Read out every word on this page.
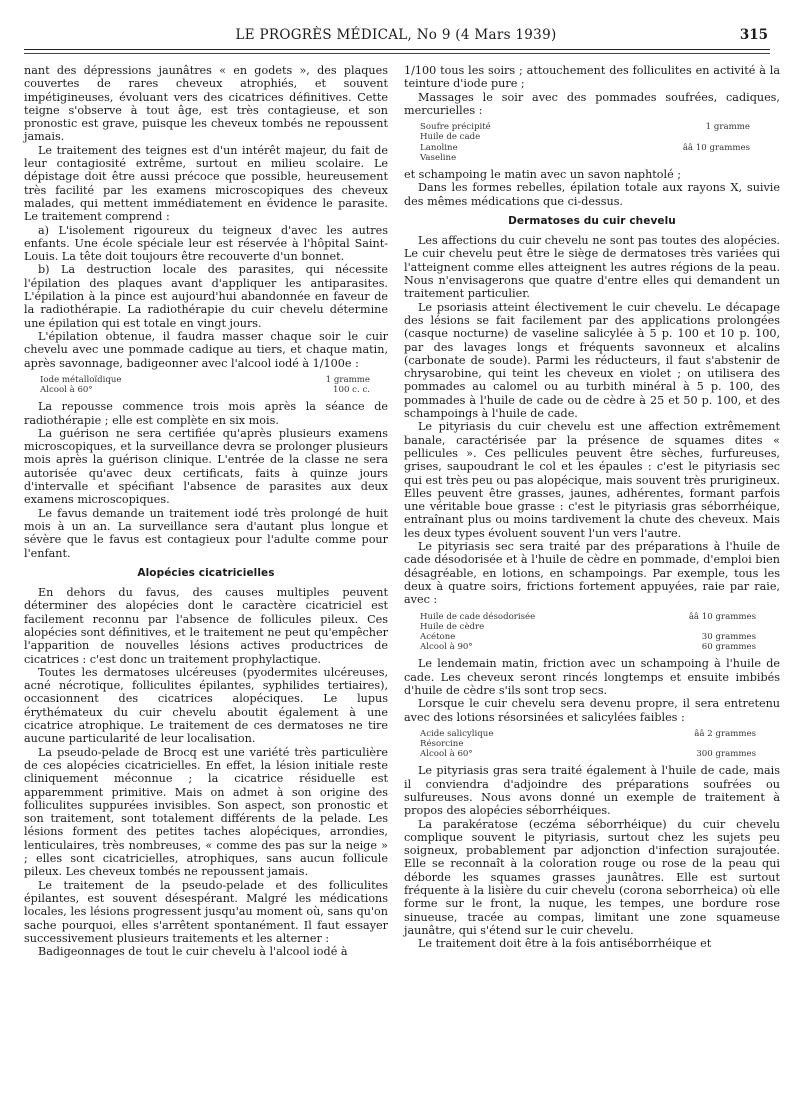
LE PROGRÈS MÉDICAL, No 9 (4 Mars 1939)	315

nant des dépressions jaunâtres « en godets », des plaques couvertes de rares cheveux atrophiés, et souvent impétigineuses, évoluant vers des cicatrices définitives. Cette teigne s'observe à tout âge, est très contagieuse, et son pronostic est grave, puisque les cheveux tombés ne repoussent jamais.

Le traitement des teignes est d'un intérêt majeur, du fait de leur contagiosité extrême, surtout en milieu scolaire. Le dépistage doit être aussi précoce que possible, heureusement très facilité par les examens microscopiques des cheveux malades, qui mettent immédiatement en évidence le parasite. Le traitement comprend :

a) L'isolement rigoureux du teigneux d'avec les autres enfants. Une école spéciale leur est réservée à l'hôpital Saint-Louis. La tête doit toujours être recouverte d'un bonnet.

b) La destruction locale des parasites, qui nécessite l'épilation des plaques avant d'appliquer les antiparasites. L'épilation à la pince est aujourd'hui abandonnée en faveur de la radiothérapie. La radiothérapie du cuir chevelu détermine une épilation qui est totale en vingt jours.

L'épilation obtenue, il faudra masser chaque soir le cuir chevelu avec une pommade cadique au tiers, et chaque matin, après savonnage, badigeonner avec l'alcool iodé à 1/100e :

Iode métalloïdique	1 gramme
Alcool à 60°	100 c. c.

La repousse commence trois mois après la séance de radiothérapie ; elle est complète en six mois.

La guérison ne sera certifiée qu'après plusieurs examens microscopiques, et la surveillance devra se prolonger plusieurs mois après la guérison clinique. L'entrée de la classe ne sera autorisée qu'avec deux certificats, faits à quinze jours d'intervalle et spécifiant l'absence de parasites aux deux examens microscopiques.

Le favus demande un traitement iodé très prolongé de huit mois à un an. La surveillance sera d'autant plus longue et sévère que le favus est contagieux pour l'adulte comme pour l'enfant.

Alopécies cicatricielles

En dehors du favus, des causes multiples peuvent déterminer des alopécies dont le caractère cicatriciel est facilement reconnu par l'absence de follicules pileux. Ces alopécies sont définitives, et le traitement ne peut qu'empêcher l'apparition de nouvelles lésions actives productrices de cicatrices : c'est donc un traitement prophylactique.

Toutes les dermatoses ulcéreuses (pyodermites ulcéreuses, acné nécrotique, folliculites épilantes, syphilides tertiaires), occasionnent des cicatrices alopéciques. Le lupus érythémateux du cuir chevelu aboutit également à une cicatrice atrophique. Le traitement de ces dermatoses ne tire aucune particularité de leur localisation.

La pseudo-pelade de Brocq est une variété très particulière de ces alopécies cicatricielles. En effet, la lésion initiale reste cliniquement méconnue ; la cicatrice résiduelle est apparemment primitive. Mais on admet à son origine des folliculites suppurées invisibles. Son aspect, son pronostic et son traitement, sont totalement différents de la pelade. Les lésions forment des petites taches alopéciques, arrondies, lenticulaires, très nombreuses, « comme des pas sur la neige » ; elles sont cicatricielles, atrophiques, sans aucun follicule pileux. Les cheveux tombés ne repoussent jamais.

Le traitement de la pseudo-pelade et des folliculites épilantes, est souvent désespérant. Malgré les médications locales, les lésions progressent jusqu'au moment où, sans qu'on sache pourquoi, elles s'arrêtent spontanément. Il faut essayer successivement plusieurs traitements et les alterner :

Badigeonnages de tout le cuir chevelu à l'alcool iodé à

1/100 tous les soirs ; attouchement des folliculites en activité à la teinture d'iode pure ;

Massages le soir avec des pommades soufrées, cadiques, mercurielles :

Soufre précipité	1 gramme
Huile de cade
Lanoline	ââ 10 grammes
Vaseline

et schampoing le matin avec un savon naphtolé ;

Dans les formes rebelles, épilation totale aux rayons X, suivie des mêmes médications que ci-dessus.

Dermatoses du cuir chevelu

Les affections du cuir chevelu ne sont pas toutes des alopécies. Le cuir chevelu peut être le siège de dermatoses très variées qui l'atteignent comme elles atteignent les autres régions de la peau. Nous n'envisagerons que quatre d'entre elles qui demandent un traitement particulier.

Le psoriasis atteint électivement le cuir chevelu. Le décapage des lésions se fait facilement par des applications prolongées (casque nocturne) de vaseline salicylée à 5 p. 100 et 10 p. 100, par des lavages longs et fréquents savonneux et alcalins (carbonate de soude). Parmi les réducteurs, il faut s'abstenir de chrysarobine, qui teint les cheveux en violet ; on utilisera des pommades au calomel ou au turbith minéral à 5 p. 100, des pommades à l'huile de cade ou de cèdre à 25 et 50 p. 100, et des schampoings à l'huile de cade.

Le pityriasis du cuir chevelu est une affection extrêmement banale, caractérisée par la présence de squames dites « pellicules ». Ces pellicules peuvent être sèches, furfureuses, grises, saupoudrant le col et les épaules : c'est le pityriasis sec qui est très peu ou pas alopécique, mais souvent très prurigineux. Elles peuvent être grasses, jaunes, adhérentes, formant parfois une véritable boue grasse : c'est le pityriasis gras séborrhéique, entraînant plus ou moins tardivement la chute des cheveux. Mais les deux types évoluent souvent l'un vers l'autre.

Le pityriasis sec sera traité par des préparations à l'huile de cade désodorisée et à l'huile de cèdre en pommade, d'emploi bien désagréable, en lotions, en schampoings. Par exemple, tous les deux à quatre soirs, frictions fortement appuyées, raie par raie, avec :

Huile de cade désodorisée	ââ 10 grammes
Huile de cèdre
Acétone	30 grammes
Alcool à 90°	60 grammes

Le lendemain matin, friction avec un schampoing à l'huile de cade. Les cheveux seront rincés longtemps et ensuite imbibés d'huile de cèdre s'ils sont trop secs.

Lorsque le cuir chevelu sera devenu propre, il sera entretenu avec des lotions résorsinées et salicylées faibles :

Acide salicylique	ââ 2 grammes
Résorcine
Alcool à 60°	300 grammes

Le pityriasis gras sera traité également à l'huile de cade, mais il conviendra d'adjoindre des préparations soufrées ou sulfureuses. Nous avons donné un exemple de traitement à propos des alopécies séborrhéiques.

La parakératose (eczéma séborrhéique) du cuir chevelu complique souvent le pityriasis, surtout chez les sujets peu soigneux, probablement par adjonction d'infection surajoutée. Elle se reconnaît à la coloration rouge ou rose de la peau qui déborde les squames grasses jaunâtres. Elle est surtout fréquente à la lisière du cuir chevelu (corona seborrheica) où elle forme sur le front, la nuque, les tempes, une bordure rose sinueuse, tracée au compas, limitant une zone squameuse jaunâtre, qui s'étend sur le cuir chevelu.

Le traitement doit être à la fois antiséborrhéique et
